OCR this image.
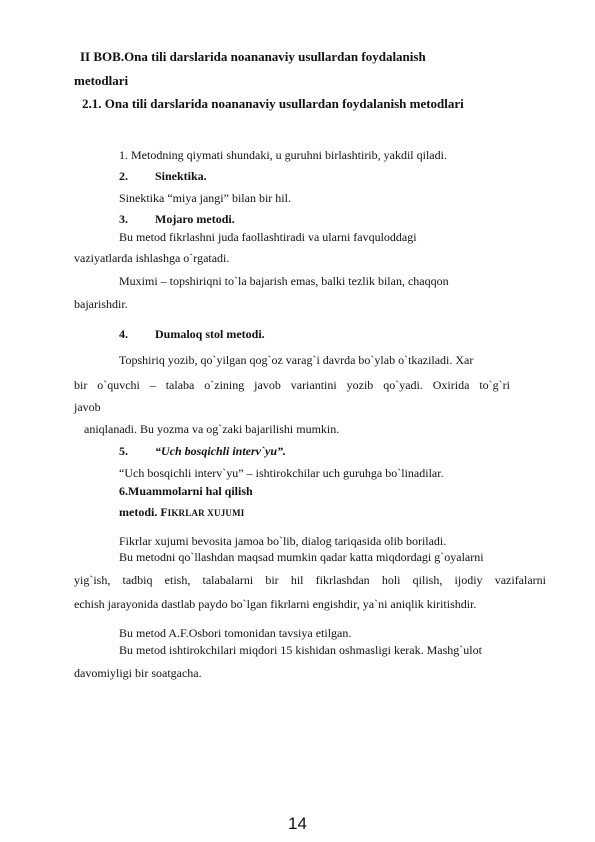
II BOB.Ona tili darslarida noananaviy usullardan foydalanish
metodlari
2.1. Ona tili darslarida noananaviy usullardan foydalanish metodlari
1. Metodning qiymati shundaki, u guruhni birlashtirib, yakdil qiladi.
2. Sinektika.
Sinektika “miya jangi” bilan bir hil.
3. Mojaro metodi.
Bu metod fikrlashni juda faollashtiradi va ularni favquloddagi
vaziyatlarda ishlashga o`rgatadi.
Muximi – topshiriqni to`la bajarish emas, balki tezlik bilan, chaqqon
bajarishdir.
4. Dumaloq stol metodi.
Topshiriq yozib, qo`yilgan qog`oz varag`i davrda bo`ylab o`tkaziladi. Xar
bir o`quvchi – talaba o`zining javob variantini yozib qo`yadi. Oxirida to`g`ri
javob
aniqlanadi. Bu yozma va og`zaki bajarilishi mumkin.
5. “Uch bosqichli interv`yu”.
“Uch bosqichli interv`yu” – ishtirokchilar uch guruhga bo`linadilar.
6.Muammolarni hal qilish
metodi. FIKRLAR XUJUMI
Fikrlar xujumi bevosita jamoa bo`lib, dialog tariqasida olib boriladi.
Bu metodni qo`llashdan maqsad mumkin qadar katta miqdordagi g`oyalarni
yig`ish, tadbiq etish, talabalarni bir hil fikrlashdan holi qilish, ijodiy vazifalarni
echish jarayonida dastlab paydo bo`lgan fikrlarni engishdir, ya`ni aniqlik kiritishdir.
Bu metod A.F.Osbori tomonidan tavsiya etilgan.
Bu metod ishtirokchilari miqdori 15 kishidan oshmasligi kerak. Mashg`ulot
davomiyligi bir soatgacha.
14
